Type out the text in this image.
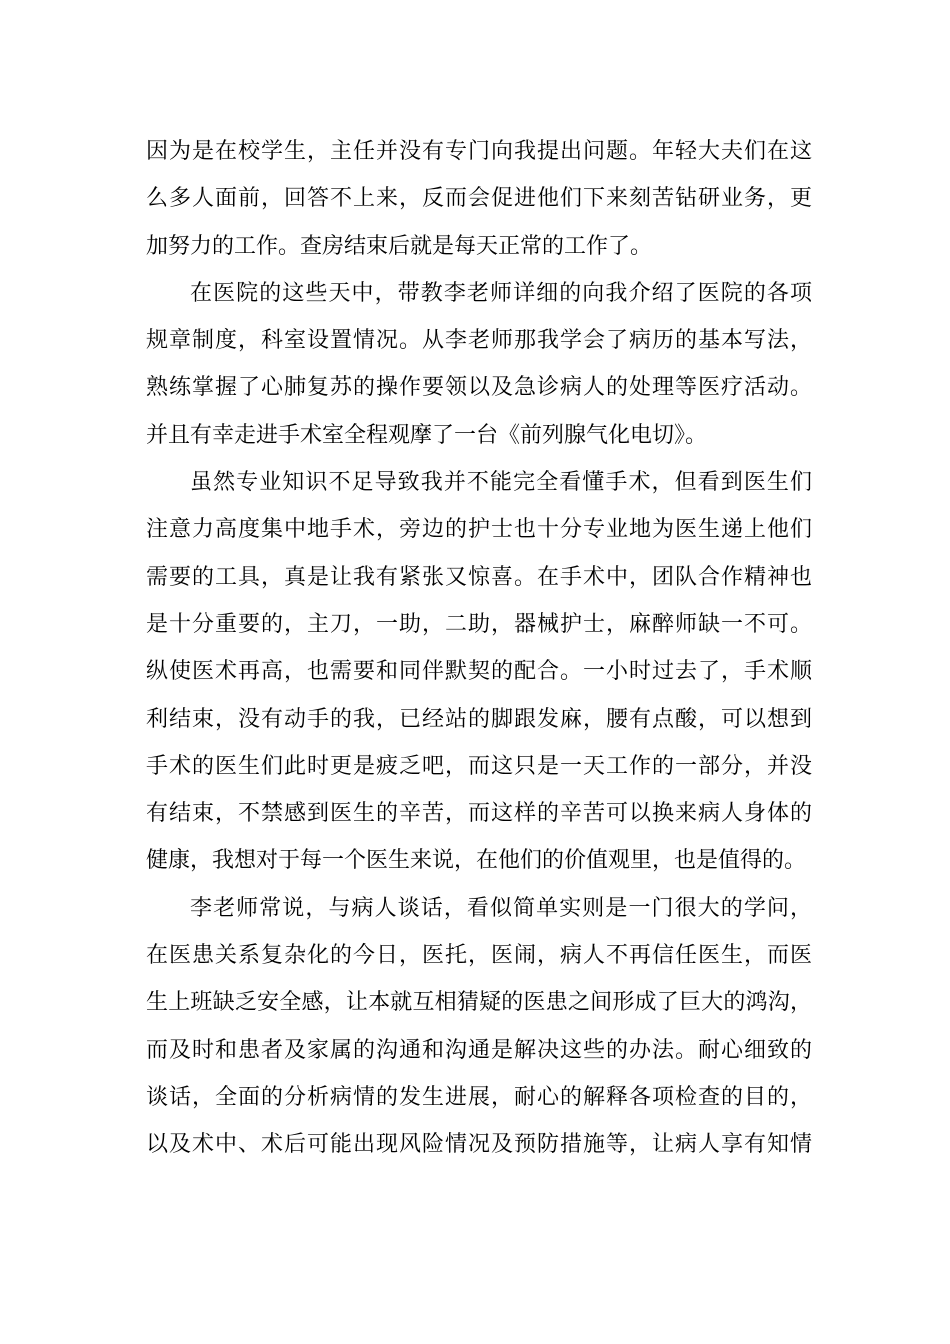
因为是在校学生，主任并没有专门向我提出问题。年轻大夫们在这
么多人面前，回答不上来，反而会促进他们下来刻苦钻研业务，更
加努力的工作。查房结束后就是每天正常的工作了。
在医院的这些天中，带教李老师详细的向我介绍了医院的各项
规章制度，科室设置情况。从李老师那我学会了病历的基本写法，
熟练掌握了心肺复苏的操作要领以及急诊病人的处理等医疗活动。
并且有幸走进手术室全程观摩了一台《前列腺气化电切》。
虽然专业知识不足导致我并不能完全看懂手术，但看到医生们
注意力高度集中地手术，旁边的护士也十分专业地为医生递上他们
需要的工具，真是让我有紧张又惊喜。在手术中，团队合作精神也
是十分重要的，主刀，一助，二助，器械护士，麻醉师缺一不可。
纵使医术再高，也需要和同伴默契的配合。一小时过去了，手术顺
利结束，没有动手的我，已经站的脚跟发麻，腰有点酸，可以想到
手术的医生们此时更是疲乏吧，而这只是一天工作的一部分，并没
有结束，不禁感到医生的辛苦，而这样的辛苦可以换来病人身体的
健康，我想对于每一个医生来说，在他们的价值观里，也是值得的。
李老师常说，与病人谈话，看似简单实则是一门很大的学问，
在医患关系复杂化的今日，医托，医闹，病人不再信任医生，而医
生上班缺乏安全感，让本就互相猜疑的医患之间形成了巨大的鸿沟，
而及时和患者及家属的沟通和沟通是解决这些的办法。耐心细致的
谈话，全面的分析病情的发生进展，耐心的解释各项检查的目的，
以及术中、术后可能出现风险情况及预防措施等，让病人享有知情
